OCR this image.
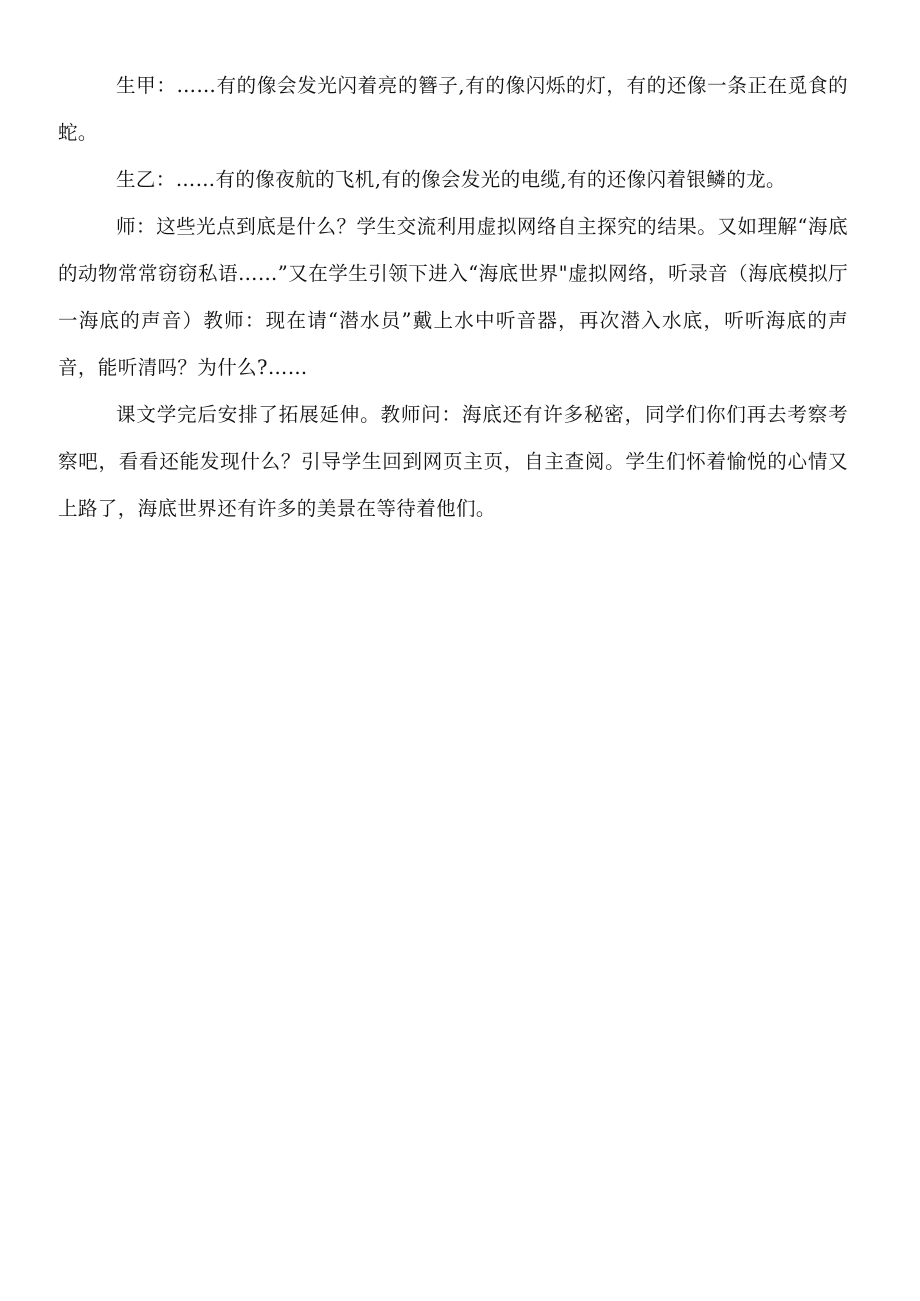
生甲：……有的像会发光闪着亮的簪子,有的像闪烁的灯，有的还像一条正在觅食的蛇。

生乙：……有的像夜航的飞机,有的像会发光的电缆,有的还像闪着银鳞的龙。

师：这些光点到底是什么？学生交流利用虚拟网络自主探究的结果。又如理解“海底的动物常常窃窃私语……”又在学生引领下进入“海底世界"虚拟网络，听录音（海底模拟厅一海底的声音）教师：现在请“潜水员”戴上水中听音器，再次潜入水底，听听海底的声音，能听清吗？为什么?……

课文学完后安排了拓展延伸。教师问：海底还有许多秘密，同学们你们再去考察考察吧，看看还能发现什么？引导学生回到网页主页，自主查阅。学生们怀着愉悦的心情又上路了，海底世界还有许多的美景在等待着他们。
